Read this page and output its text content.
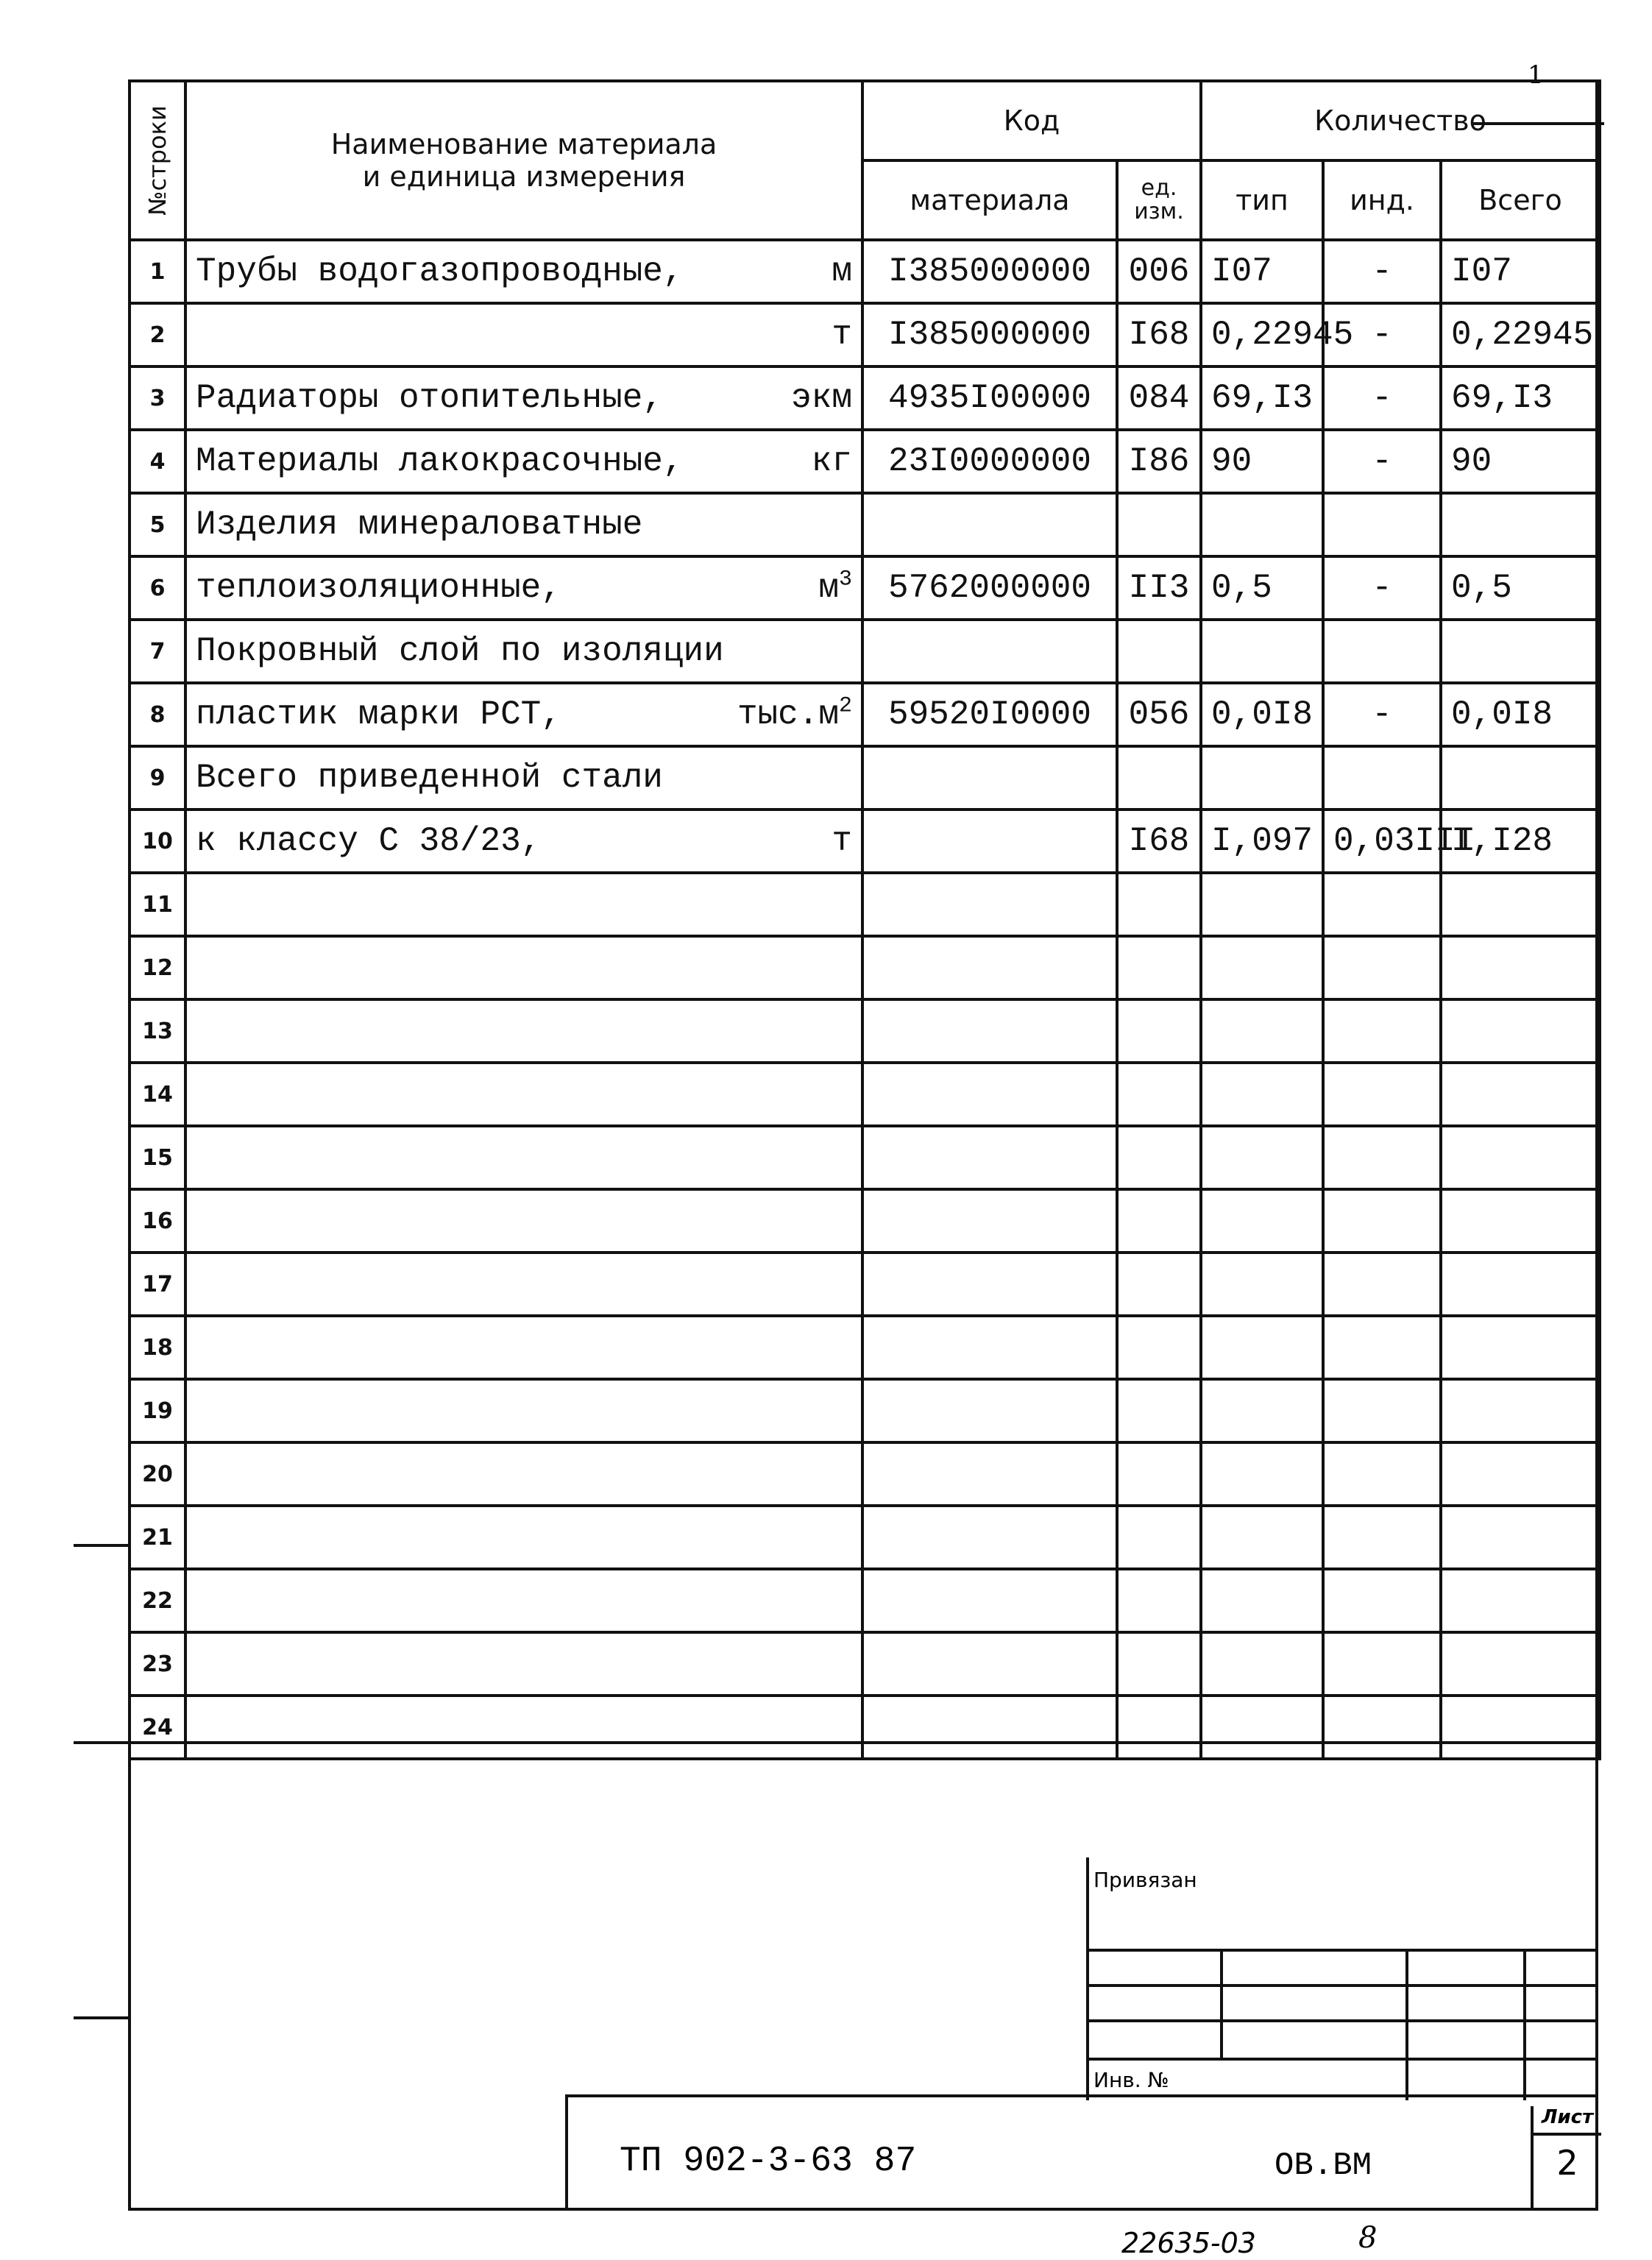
1
№строки	Наименование материала
и единица измерения	Код		Количество		
		материала	ед. изм.	тип	инд.	Всего
1	Трубы водогазопроводные, м	I385000000	006	I07	-	I07
2	т	I385000000	I68	0,22945	-	0,22945
3	Радиаторы отопительные, экм	4935I00000	084	69,I3	-	69,I3
4	Материалы лакокрасочные, кг	23I0000000	I86	90	-	90
5	Изделия минераловатные

6	теплоизоляционные, $м^3$	5762000000	II3	0,5	-	0,5
7	Покровный слой по изоляции

8	пластик марки РСТ, $тыс.м^2$	59520I0000	056	0,0I8	-	0,0I8
9	Всего приведенной стали

10	к классу С 38/23, т		I68	I,097	0,03III	I,I28
11	

12	

13	

14	

15	

16	

17	

18	

19	

20	

21	

22	

23	

24	

Привязан
Инв. №
ТП 902-3-63 87	ОВ.ВМ
Лист
2
22635-03	8
